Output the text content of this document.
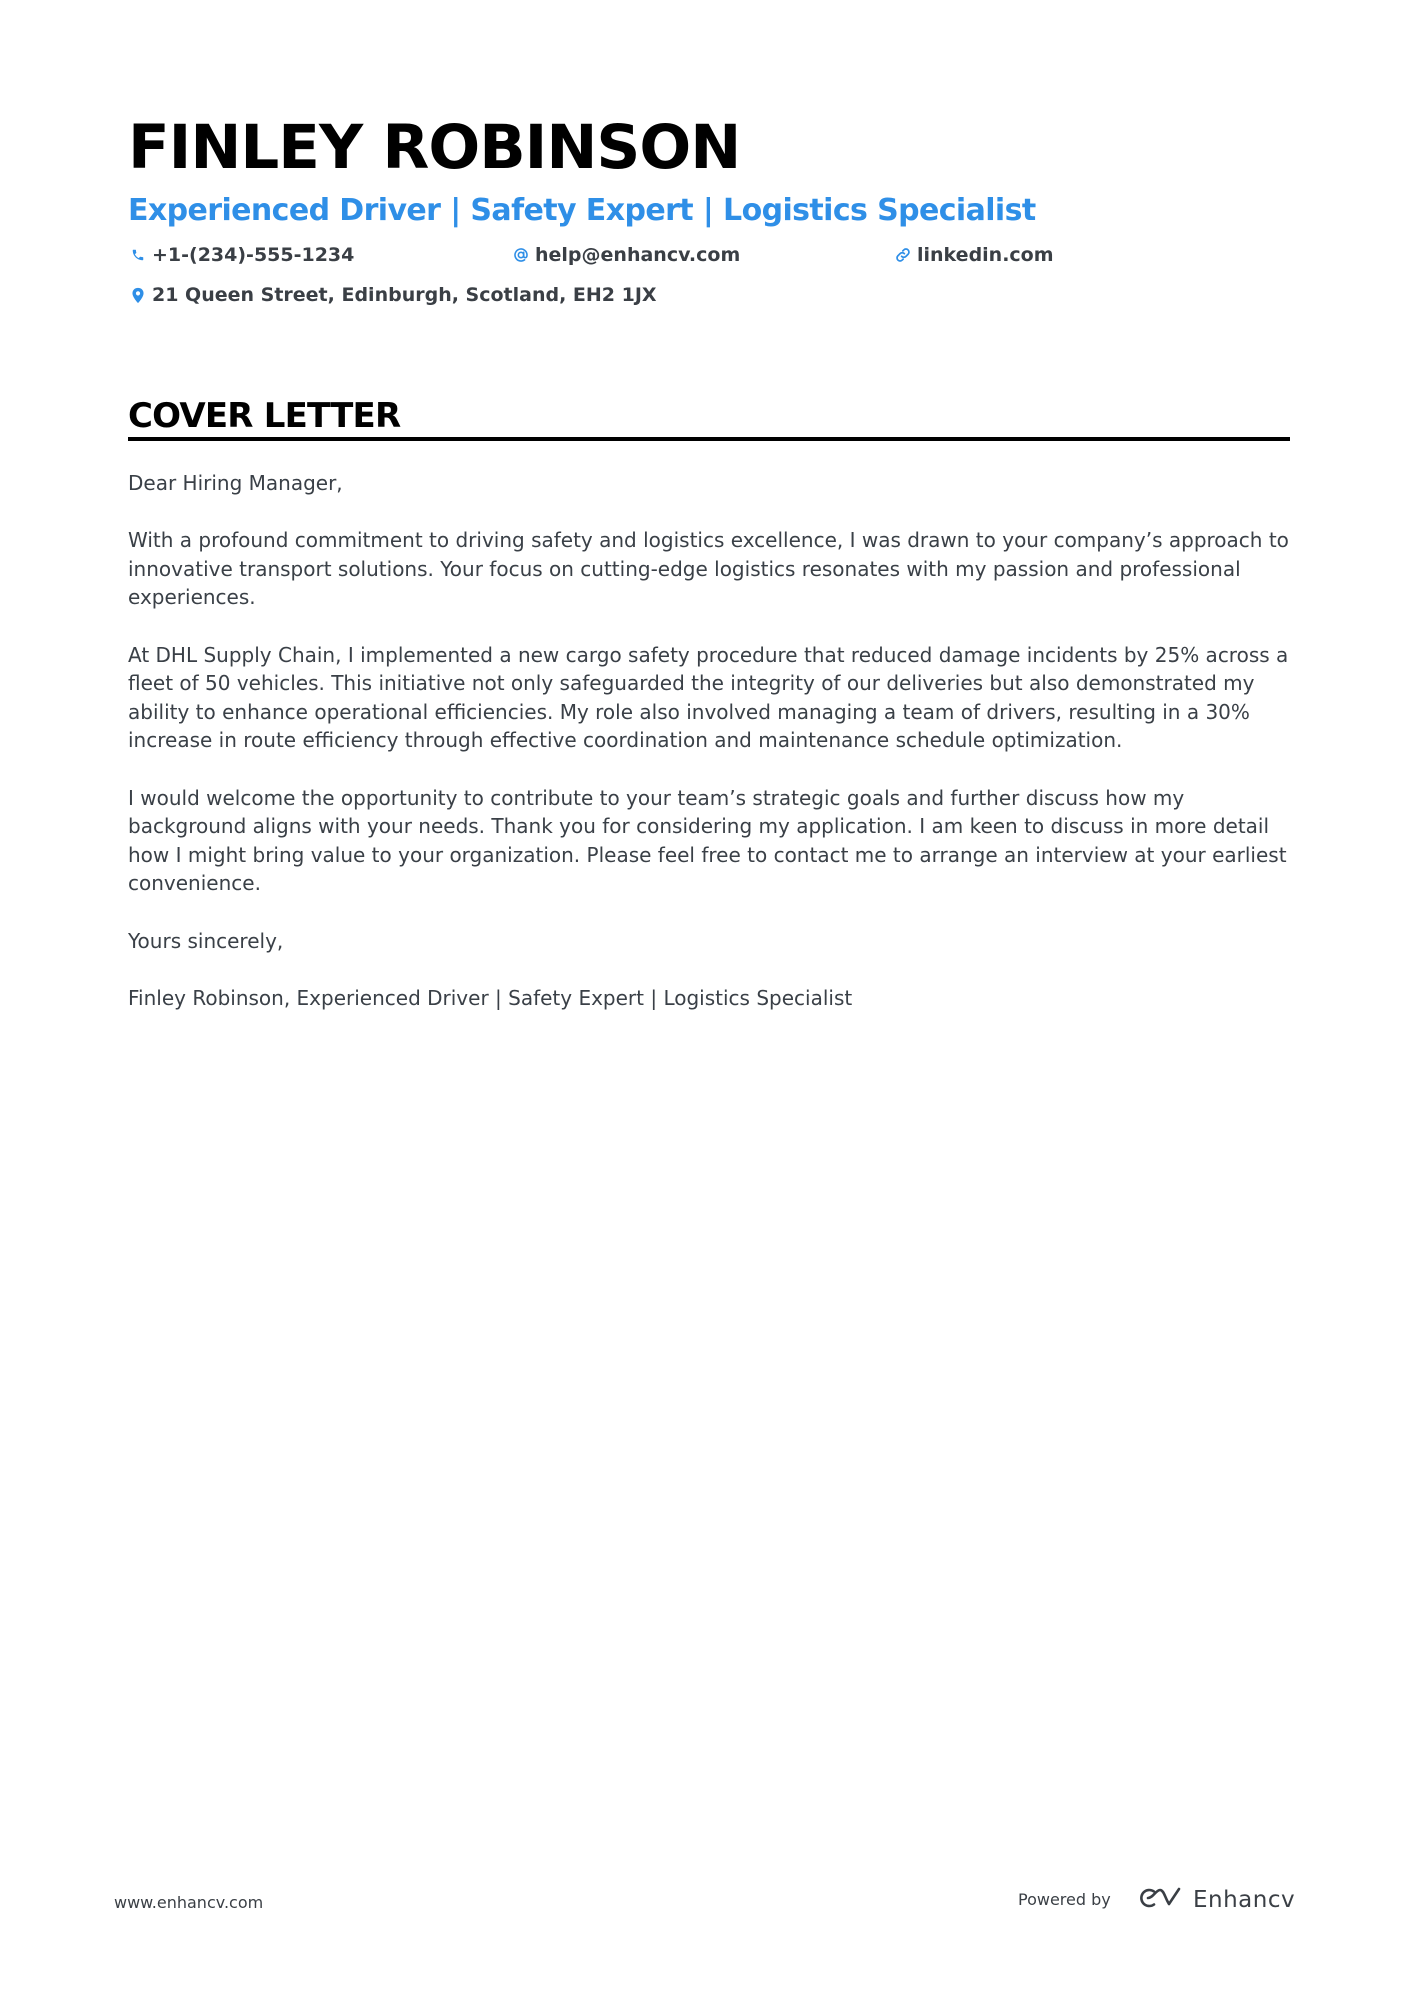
FINLEY ROBINSON
Experienced Driver | Safety Expert | Logistics Specialist
+1-(234)-555-1234	help@enhancv.com	linkedin.com
21 Queen Street, Edinburgh, Scotland, EH2 1JX
COVER LETTER

Dear Hiring Manager,

With a profound commitment to driving safety and logistics excellence, I was drawn to your company’s approach to innovative transport solutions. Your focus on cutting-edge logistics resonates with my passion and professional experiences.

At DHL Supply Chain, I implemented a new cargo safety procedure that reduced damage incidents by 25% across a fleet of 50 vehicles. This initiative not only safeguarded the integrity of our deliveries but also demonstrated my ability to enhance operational efficiencies. My role also involved managing a team of drivers, resulting in a 30% increase in route efficiency through effective coordination and maintenance schedule optimization.

I would welcome the opportunity to contribute to your team’s strategic goals and further discuss how my background aligns with your needs. Thank you for considering my application. I am keen to discuss in more detail how I might bring value to your organization. Please feel free to contact me to arrange an interview at your earliest convenience.

Yours sincerely,

Finley Robinson, Experienced Driver | Safety Expert | Logistics Specialist

www.enhancv.com	Powered by	Enhancv
